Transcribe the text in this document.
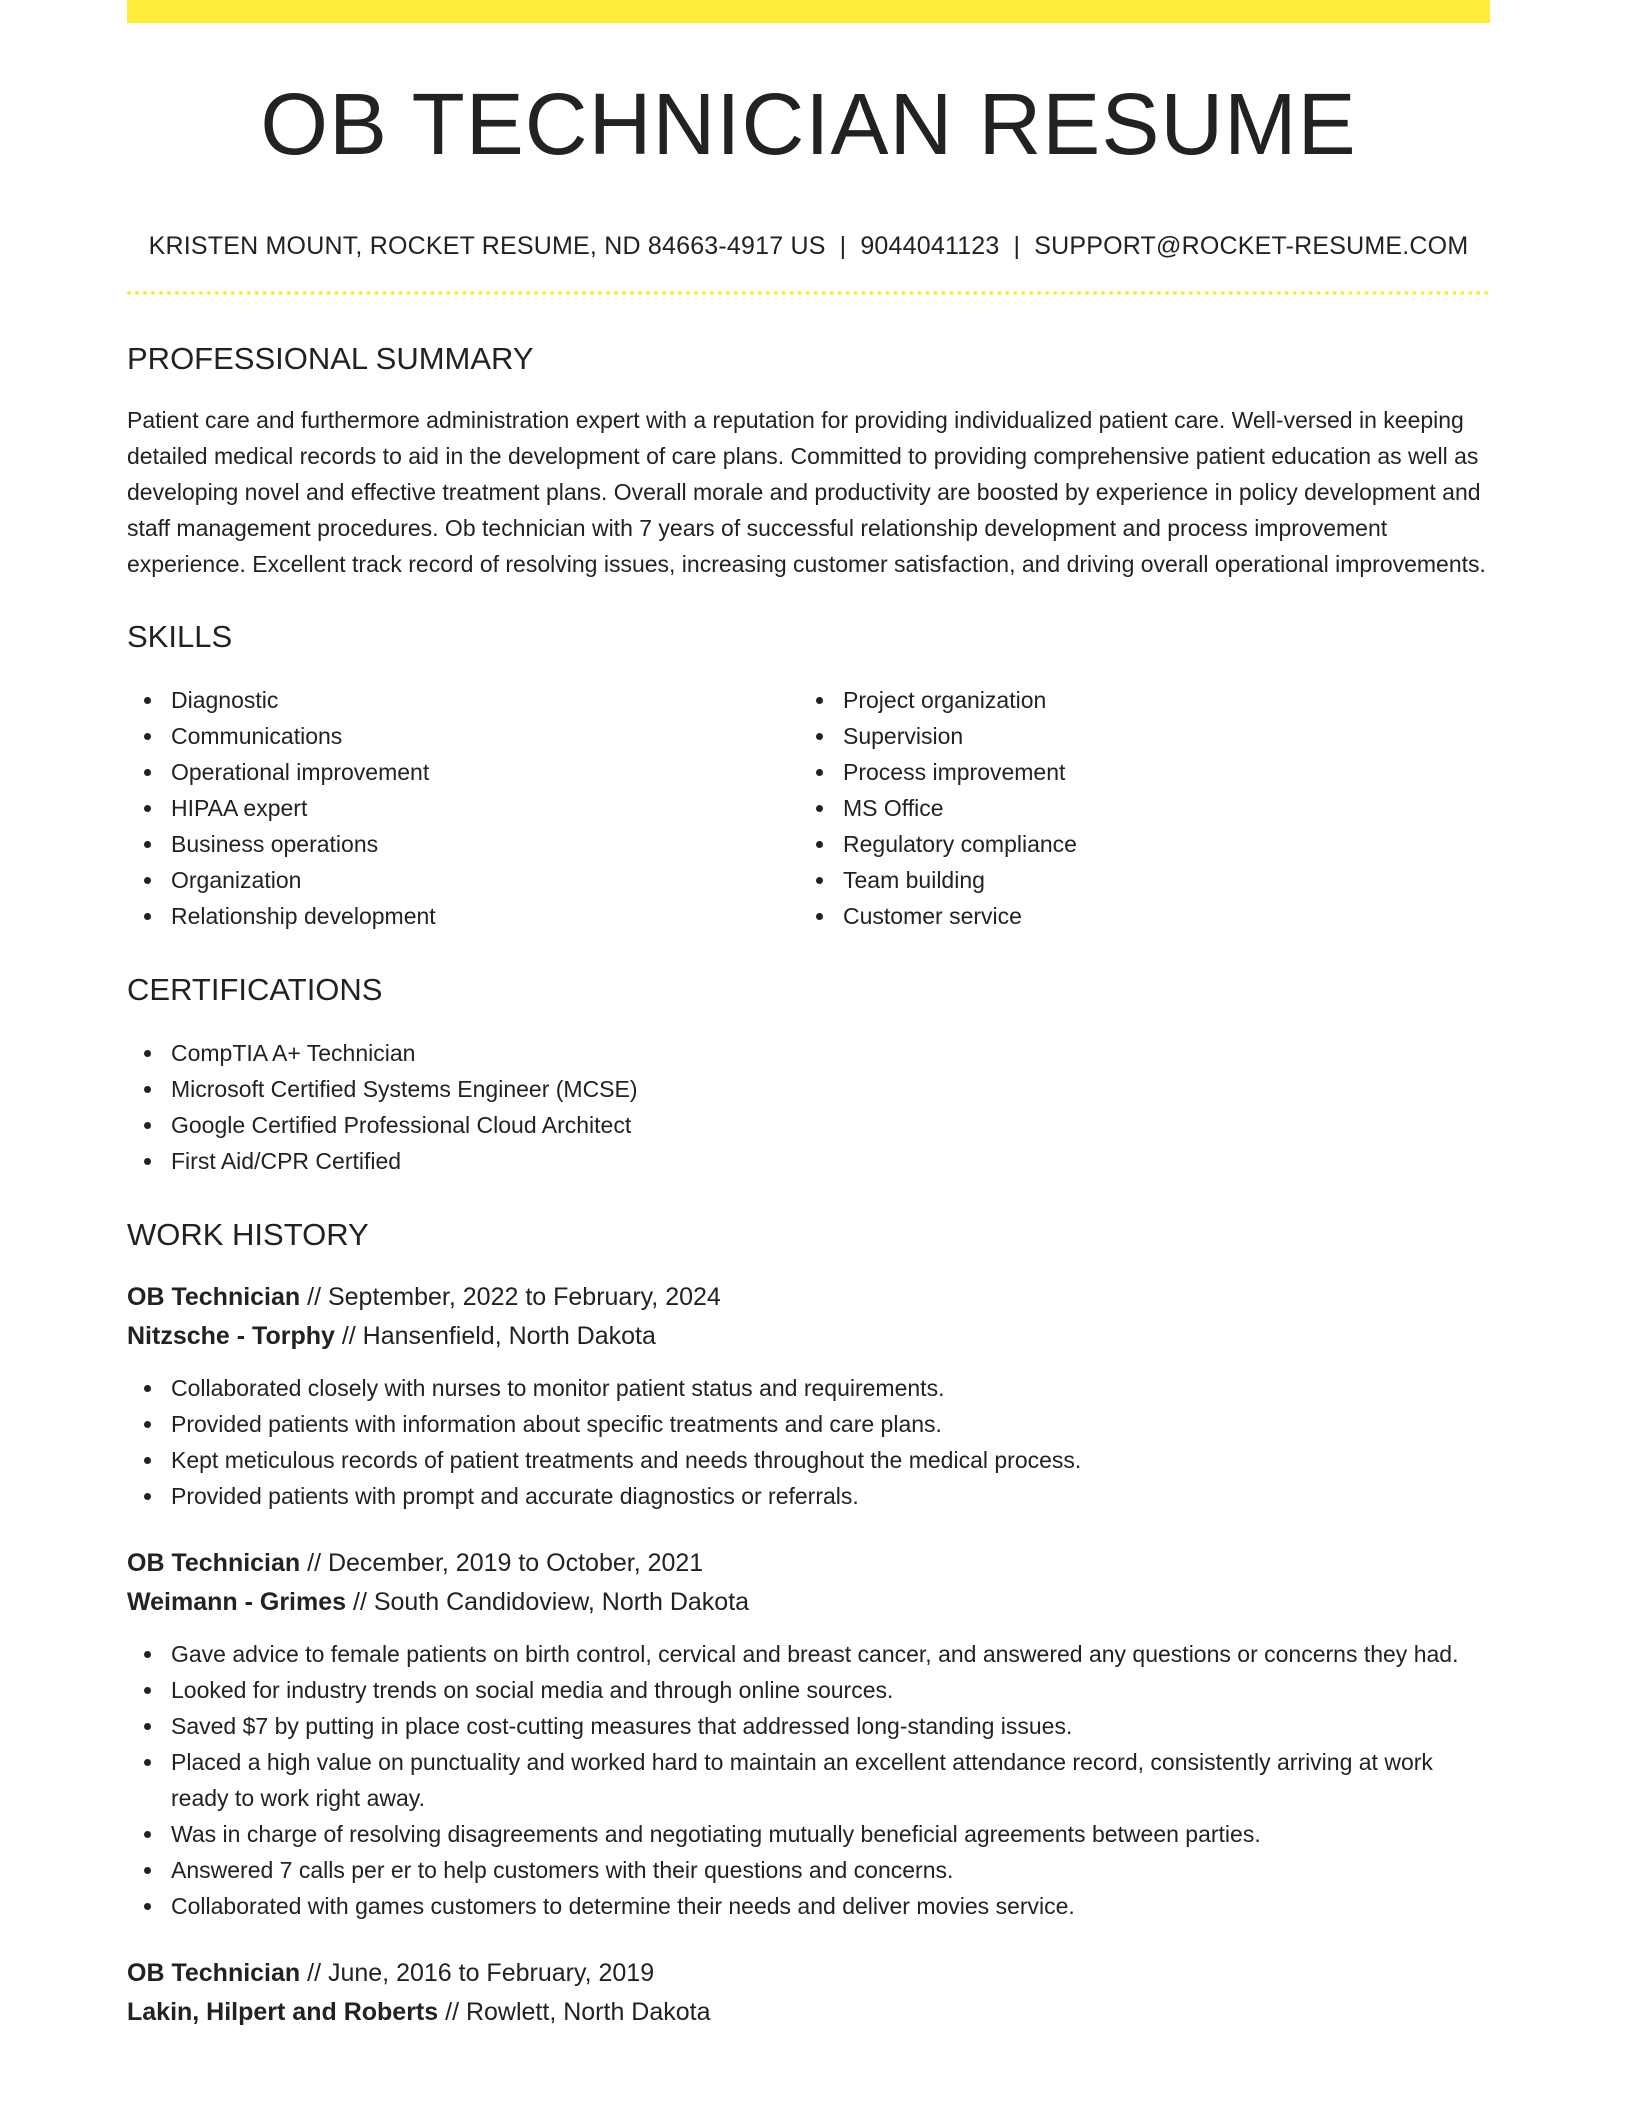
OB TECHNICIAN RESUME
KRISTEN MOUNT, ROCKET RESUME, ND 84663-4917 US | 9044041123 | SUPPORT@ROCKET-RESUME.COM
PROFESSIONAL SUMMARY

Patient care and furthermore administration expert with a reputation for providing individualized patient care. Well-versed in keeping detailed medical records to aid in the development of care plans. Committed to providing comprehensive patient education as well as developing novel and effective treatment plans. Overall morale and productivity are boosted by experience in policy development and staff management procedures. Ob technician with 7 years of successful relationship development and process improvement experience. Excellent track record of resolving issues, increasing customer satisfaction, and driving overall operational improvements.

SKILLS
Diagnostic
Communications
Operational improvement
HIPAA expert
Business operations
Organization
Relationship development
Project organization
Supervision
Process improvement
MS Office
Regulatory compliance
Team building
Customer service
CERTIFICATIONS
CompTIA A+ Technician
Microsoft Certified Systems Engineer (MCSE)
Google Certified Professional Cloud Architect
First Aid/CPR Certified
WORK HISTORY
OB Technician // September, 2022 to February, 2024
Nitzsche - Torphy // Hansenfield, North Dakota
Collaborated closely with nurses to monitor patient status and requirements.
Provided patients with information about specific treatments and care plans.
Kept meticulous records of patient treatments and needs throughout the medical process.
Provided patients with prompt and accurate diagnostics or referrals.
OB Technician // December, 2019 to October, 2021
Weimann - Grimes // South Candidoview, North Dakota
Gave advice to female patients on birth control, cervical and breast cancer, and answered any questions or concerns they had.
Looked for industry trends on social media and through online sources.
Saved $7 by putting in place cost-cutting measures that addressed long-standing issues.
Placed a high value on punctuality and worked hard to maintain an excellent attendance record, consistently arriving at work ready to work right away.
Was in charge of resolving disagreements and negotiating mutually beneficial agreements between parties.
Answered 7 calls per er to help customers with their questions and concerns.
Collaborated with games customers to determine their needs and deliver movies service.
OB Technician // June, 2016 to February, 2019
Lakin, Hilpert and Roberts // Rowlett, North Dakota
